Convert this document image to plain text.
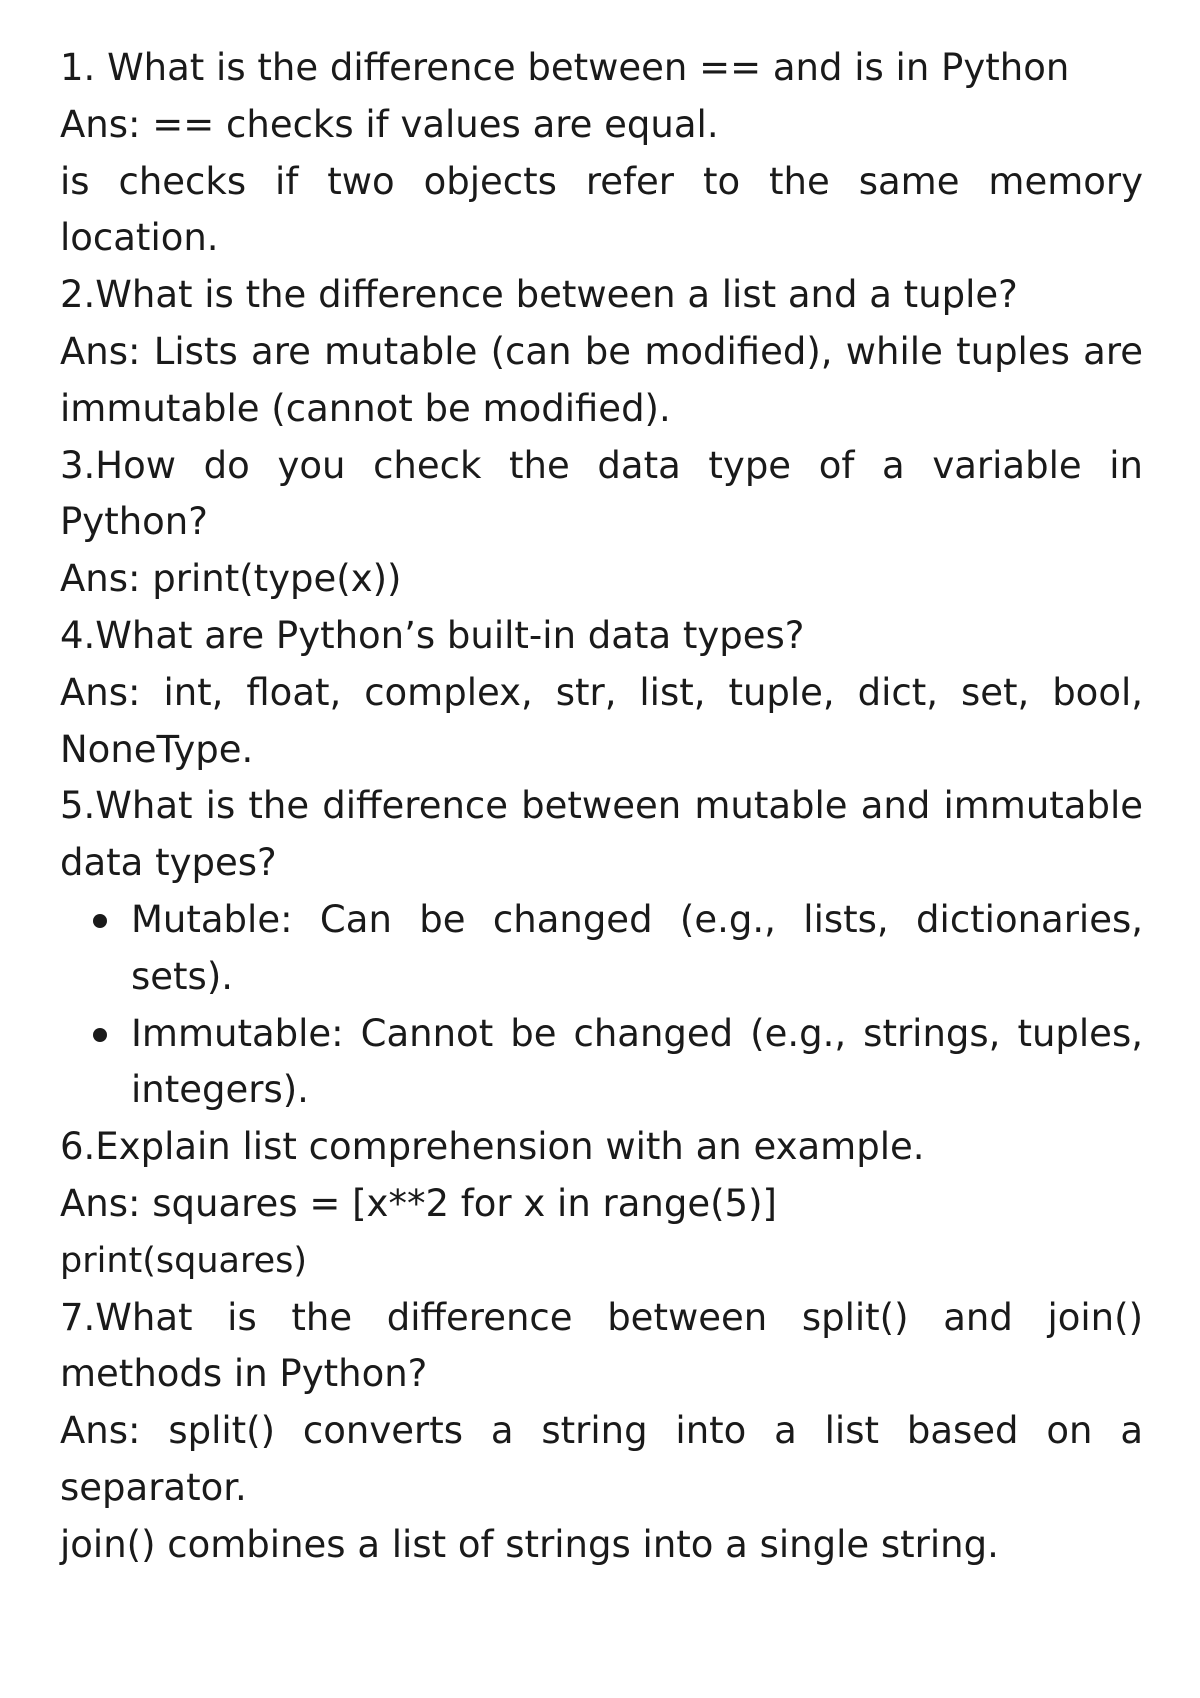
1. What is the difference between == and is in Python

Ans: == checks if values are equal.

is checks if two objects refer to the same memory location.

2.What is the difference between a list and a tuple?

Ans: Lists are mutable (can be modified), while tuples are immutable (cannot be modified).

3.How do you check the data type of a variable in Python?

Ans: print(type(x))

4.What are Python’s built-in data types?

Ans: int, float, complex, str, list, tuple, dict, set, bool, NoneType.

5.What is the difference between mutable and immutable data types?

Mutable: Can be changed (e.g., lists, dictionaries, sets).
Immutable: Cannot be changed (e.g., strings, tuples, integers).

6.Explain list comprehension with an example.

Ans: squares = [x**2 for x in range(5)]

print(squares)

7.What is the difference between split() and join() methods in Python?

Ans: split() converts a string into a list based on a separator.

join() combines a list of strings into a single string.
